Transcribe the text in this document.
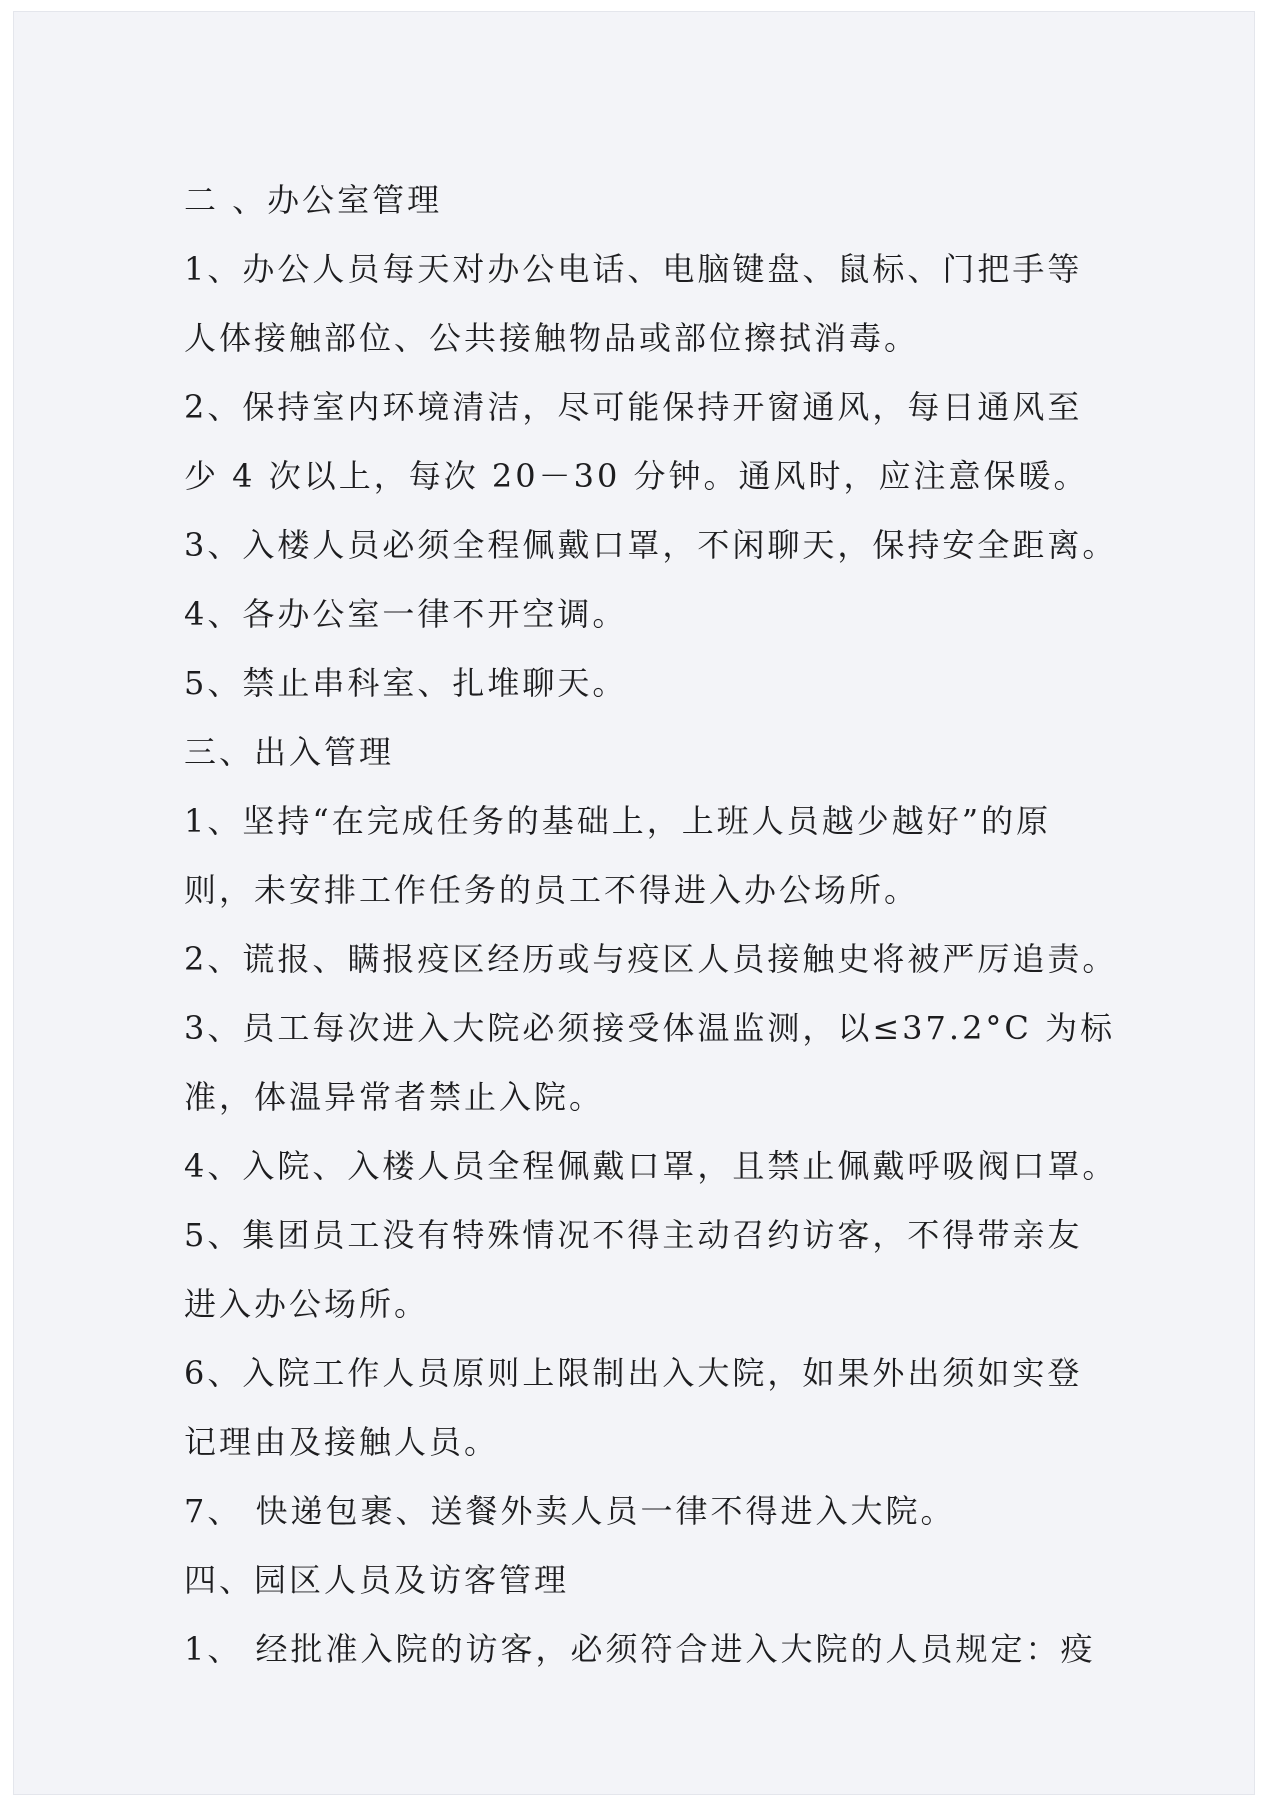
二 、办公室管理
1、办公人员每天对办公电话、电脑键盘、鼠标、门把手等
人体接触部位、公共接触物品或部位擦拭消毒。
2、保持室内环境清洁，尽可能保持开窗通风，每日通风至
少 4 次以上，每次 20－30 分钟。通风时，应注意保暖。
3、入楼人员必须全程佩戴口罩，不闲聊天，保持安全距离。
4、各办公室一律不开空调。
5、禁止串科室、扎堆聊天。
三、出入管理
1、坚持“在完成任务的基础上，上班人员越少越好”的原
则，未安排工作任务的员工不得进入办公场所。
2、谎报、瞒报疫区经历或与疫区人员接触史将被严厉追责。
3、员工每次进入大院必须接受体温监测，以≤37.2°C 为标
准，体温异常者禁止入院。
4、入院、入楼人员全程佩戴口罩，且禁止佩戴呼吸阀口罩。
5、集团员工没有特殊情况不得主动召约访客，不得带亲友
进入办公场所。
6、入院工作人员原则上限制出入大院，如果外出须如实登
记理由及接触人员。
7、 快递包裹、送餐外卖人员一律不得进入大院。
四、园区人员及访客管理
1、 经批准入院的访客，必须符合进入大院的人员规定：疫
